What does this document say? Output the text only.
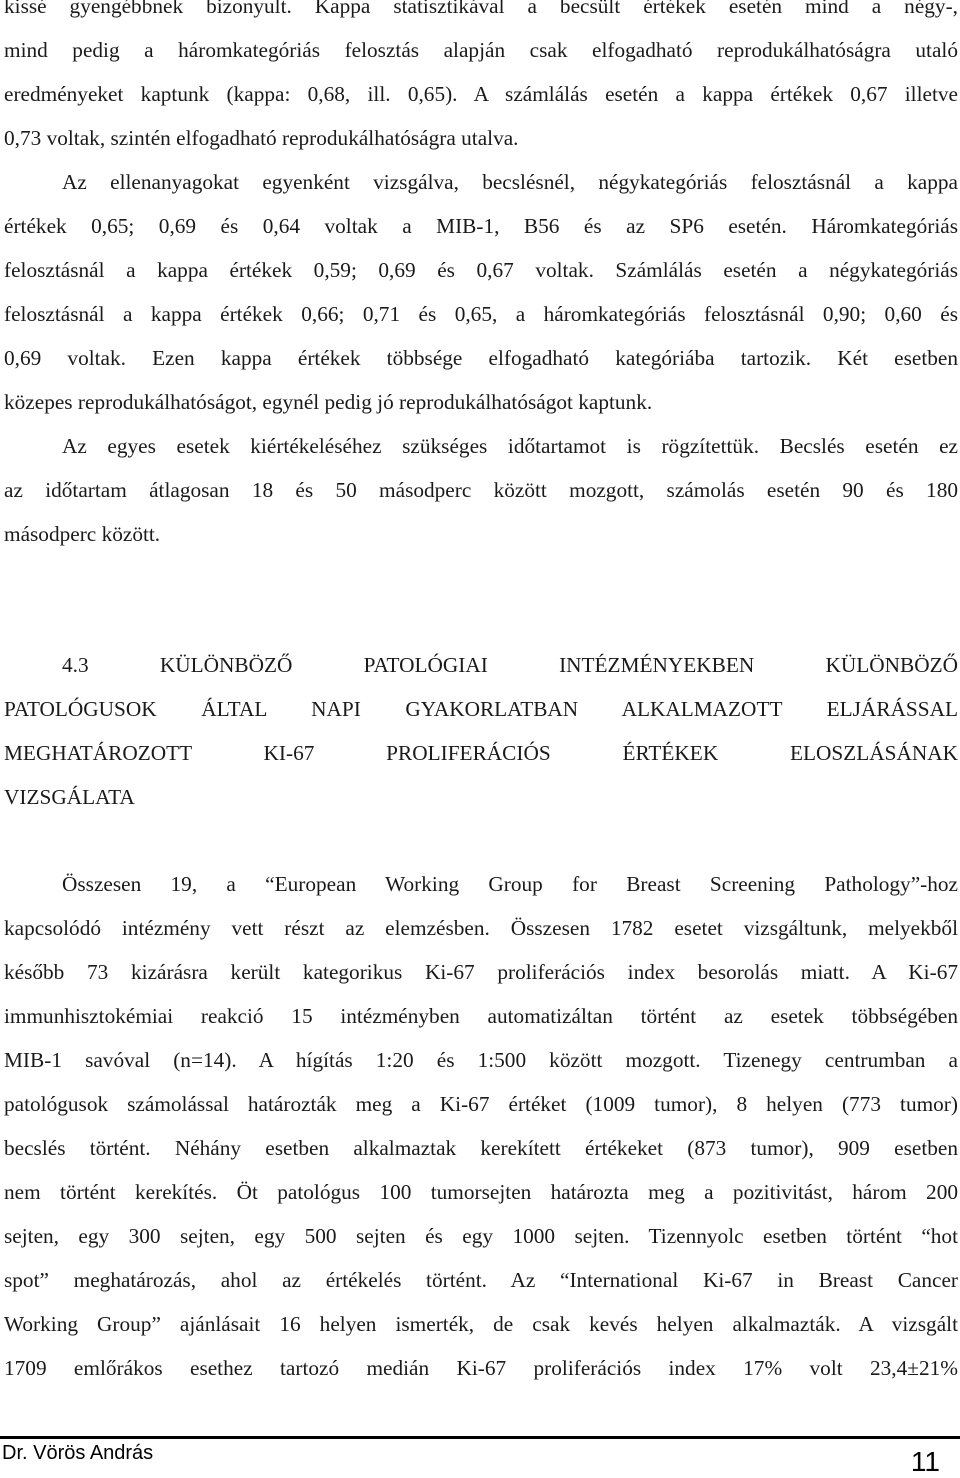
kissé gyengébbnek bizonyult. Kappa statisztikával a becsült értékek esetén mind a négy-,
mind pedig a háromkategóriás felosztás alapján csak elfogadható reprodukálhatóságra utaló
eredményeket kaptunk (kappa: 0,68, ill. 0,65). A számlálás esetén a kappa értékek 0,67 illetve
0,73 voltak, szintén elfogadható reprodukálhatóságra utalva.
Az ellenanyagokat egyenként vizsgálva, becslésnél, négykategóriás felosztásnál a kappa
értékek 0,65; 0,69 és 0,64 voltak a MIB-1, B56 és az SP6 esetén. Háromkategóriás
felosztásnál a kappa értékek 0,59; 0,69 és 0,67 voltak. Számlálás esetén a négykategóriás
felosztásnál a kappa értékek 0,66; 0,71 és 0,65, a háromkategóriás felosztásnál 0,90; 0,60 és
0,69 voltak. Ezen kappa értékek többsége elfogadható kategóriába tartozik. Két esetben
közepes reprodukálhatóságot, egynél pedig jó reprodukálhatóságot kaptunk.
Az egyes esetek kiértékeléséhez szükséges időtartamot is rögzítettük. Becslés esetén ez
az időtartam átlagosan 18 és 50 másodperc között mozgott, számolás esetén 90 és 180
másodperc között.
4.3 KÜLÖNBÖZŐ PATOLÓGIAI INTÉZMÉNYEKBEN KÜLÖNBÖZŐ
PATOLÓGUSOK ÁLTAL NAPI GYAKORLATBAN ALKALMAZOTT ELJÁRÁSSAL
MEGHATÁROZOTT KI-67 PROLIFERÁCIÓS ÉRTÉKEK ELOSZLÁSÁNAK
VIZSGÁLATA
Összesen 19, a “European Working Group for Breast Screening Pathology”-hoz
kapcsolódó intézmény vett részt az elemzésben. Összesen 1782 esetet vizsgáltunk, melyekből
később 73 kizárásra került kategorikus Ki-67 proliferációs index besorolás miatt. A Ki-67
immunhisztokémiai reakció 15 intézményben automatizáltan történt az esetek többségében
MIB-1 savóval (n=14). A hígítás 1:20 és 1:500 között mozgott. Tizenegy centrumban a
patológusok számolással határozták meg a Ki-67 értéket (1009 tumor), 8 helyen (773 tumor)
becslés történt. Néhány esetben alkalmaztak kerekített értékeket (873 tumor), 909 esetben
nem történt kerekítés. Öt patológus 100 tumorsejten határozta meg a pozitivitást, három 200
sejten, egy 300 sejten, egy 500 sejten és egy 1000 sejten. Tizennyolc esetben történt “hot
spot” meghatározás, ahol az értékelés történt. Az “International Ki-67 in Breast Cancer
Working Group” ajánlásait 16 helyen ismerték, de csak kevés helyen alkalmazták. A vizsgált
1709 emlőrákos esethez tartozó medián Ki-67 proliferációs index 17% volt 23,4±21%
Dr. Vörös András	11
